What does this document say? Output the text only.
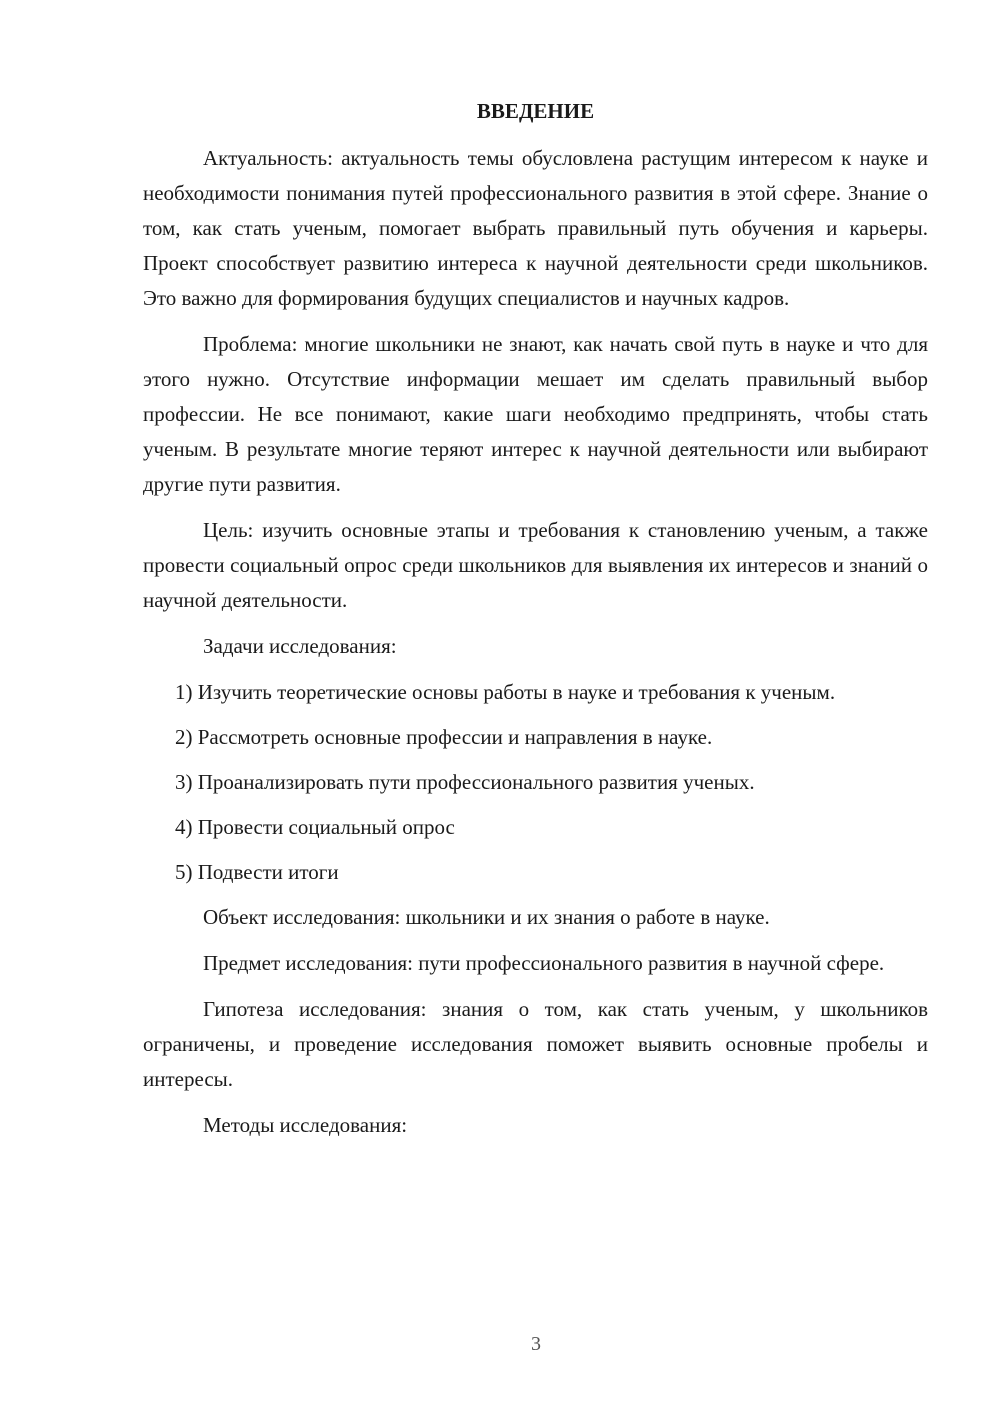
ВВЕДЕНИЕ
Актуальность: актуальность темы обусловлена растущим интересом к науке и необходимости понимания путей профессионального развития в этой сфере. Знание о том, как стать ученым, помогает выбрать правильный путь обучения и карьеры. Проект способствует развитию интереса к научной деятельности среди школьников. Это важно для формирования будущих специалистов и научных кадров.
Проблема: многие школьники не знают, как начать свой путь в науке и что для этого нужно. Отсутствие информации мешает им сделать правильный выбор профессии. Не все понимают, какие шаги необходимо предпринять, чтобы стать ученым. В результате многие теряют интерес к научной деятельности или выбирают другие пути развития.
Цель: изучить основные этапы и требования к становлению ученым, а также провести социальный опрос среди школьников для выявления их интересов и знаний о научной деятельности.
Задачи исследования:
1) Изучить теоретические основы работы в науке и требования к ученым.
2) Рассмотреть основные профессии и направления в науке.
3) Проанализировать пути профессионального развития ученых.
4) Провести социальный опрос
5) Подвести итоги
Объект исследования: школьники и их знания о работе в науке.
Предмет исследования: пути профессионального развития в научной сфере.
Гипотеза исследования: знания о том, как стать ученым, у школьников ограничены, и проведение исследования поможет выявить основные пробелы и интересы.
Методы исследования:
3
